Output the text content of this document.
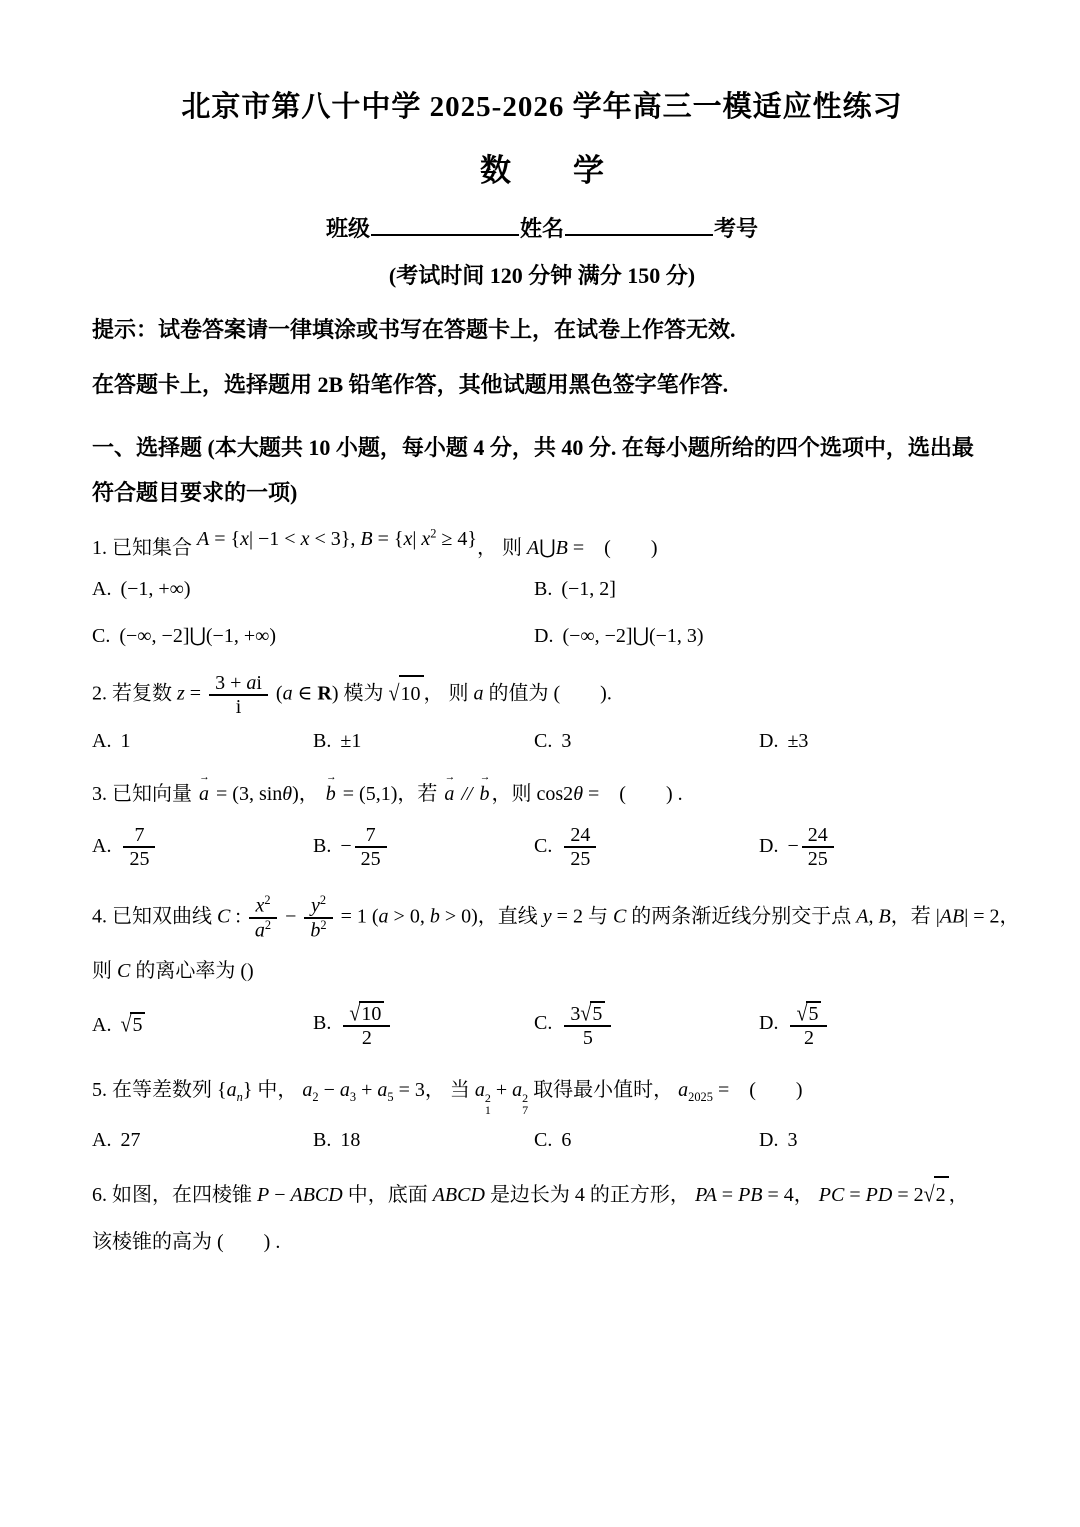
北京市第八十中学 2025-2026 学年高三一模适应性练习
数　　学
班级	姓名	考号
(考试时间 120 分钟 满分 150 分)

提示：试卷答案请一律填涂或书写在答题卡上，在试卷上作答无效.

在答题卡上，选择题用 2B 铅笔作答，其他试题用黑色签字笔作答.

一、选择题 (本大题共 10 小题，每小题 4 分，共 40 分. 在每小题所给的四个选项中，选出最符合题目要求的一项)

1. 已知集合 A = {x| −1 < x < 3}, B = {x| $x^2 \ge 4$}， 则 A⋃B =　(　　)
A. (−1, +∞)	B. (−1, 2]
C. (−∞, −2]⋃(−1, +∞)	D. (−∞, −2]⋃(−1, 3)
2. 若复数 $z = \frac{3 + ai}{i} (a$ ∈ R) 模为 √10 ， 则 a 的值为 (　　).
A. 1	B. ±1	C. 3	D. ±3
3. 已知向量
→
a = (3, sinθ)，
→
b = (5,1)，若
→
a //
→
b ，则 cos2θ =　(　　) .
A. $\frac{7}{25}$	B. − $\frac{7}{25}$	C. $\frac{24}{25}$	D. − $\frac{24}{25}$
4. 已知双曲线 C : $\frac{x^2}{a^2} - \frac{y^2}{b^2} = 1$ (a > 0, b > 0)，直线 y = 2 与 C 的两条渐近线分别交于点 A, B，若 |AB| = 2，
则 C 的离心率为 ()
A. √5	B. $\frac{√10}{2}$	C. $\frac{3√5}{5}$	D. $\frac{√5}{2}$
5. 在等差数列 $\{a_n\}$ 中， $a_2 - a_3 + a_5 = 3$， 当 a 2
1
+ a 2
7
取得最小值时， $a_{2025}$ =　(　　)
A. 27	B. 18	C. 6	D. 3
6. 如图，在四棱锥 P − ABCD 中，底面 ABCD 是边长为 4 的正方形， PA = PB = 4， PC = PD = 2√2 ，
该棱锥的高为 (　　) .
